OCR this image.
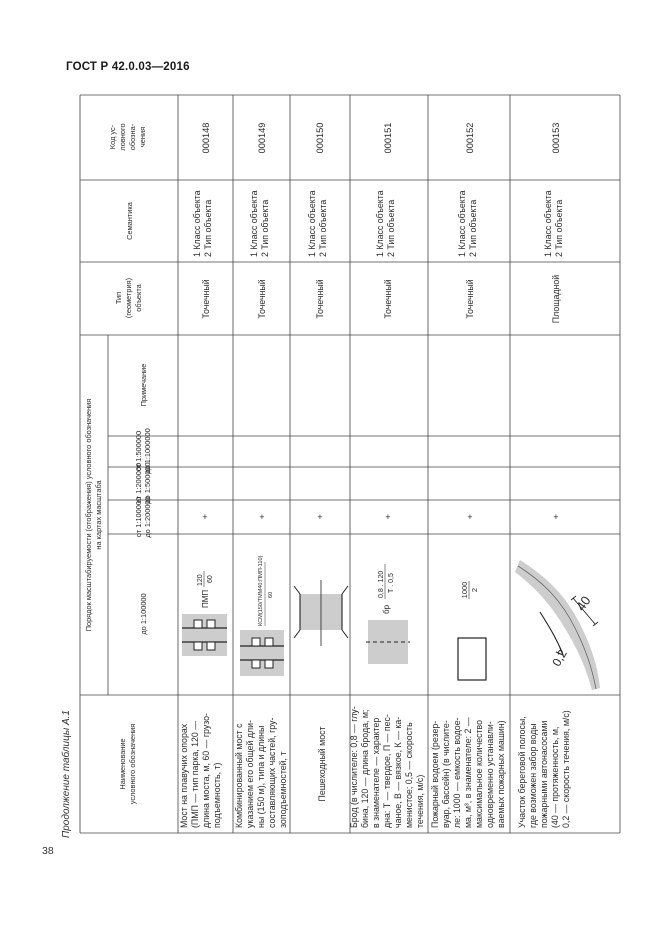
ГОСТ Р 42.0.03—2016
38
Продолжение таблицы А.1	Наименование условного обозначения
Порядок масштабируемости (отображения) условного обозначения на картах масштаба
до 1:100000
от 1:100000 до 1:200000
от 1:200000 до 1:500000
от 1:500000 до 1:1000000
Примечание
Тип (геометрия) объекта
Семантика
Код ус- ловного обозна- чения
Мост на плавучих опорах (ПМП — тип парка, 120 — длина моста, м, 60 — грузо- подъемность, т)
ПМП
120 60
+
Точечный
1 Класс объекта 2 Тип объекта
000148
Комбинированный мост с указанием его общей дли- ны (150 м), типа и длины составляющих частей, гру- зоподъемностей, т
КСМ(150/ТММ40:ПМП-110) 60
+
Точечный
1 Класс объекта 2 Тип объекта
000149
Пешеходный мост
+
Точечный
1 Класс объекта 2 Тип объекта
000150
Брод (в числителе: 0,8 — глу- бина, 120 — длина брода, м; в знаменателе — характер дна: Т — твердое, П — пес- чаное, В — вязкое, К — ка- менистое; 0,5 — скорость течения, м/с)
бр
0,8 . 120 Т . 0,5
+
Точечный
1 Класс объекта 2 Тип объекта
000151
Пожарный водоем (резер- вуар, бассейн) (в числите- ле: 1000 — емкость водое- ма, м³, в знаменателе: 2 — максимальное количество одновременно устанавли- ваемых пожарных машин)
1000 2
+
Точечный
1 Класс объекта 2 Тип объекта
000152
Участок береговой полосы, где возможен забор воды пожарными автонасосами (40 — протяженность, м, 0,2 — скорость течения, м/с)
40
0,2
+
Площадной
1 Класс объекта 2 Тип объекта
000153
